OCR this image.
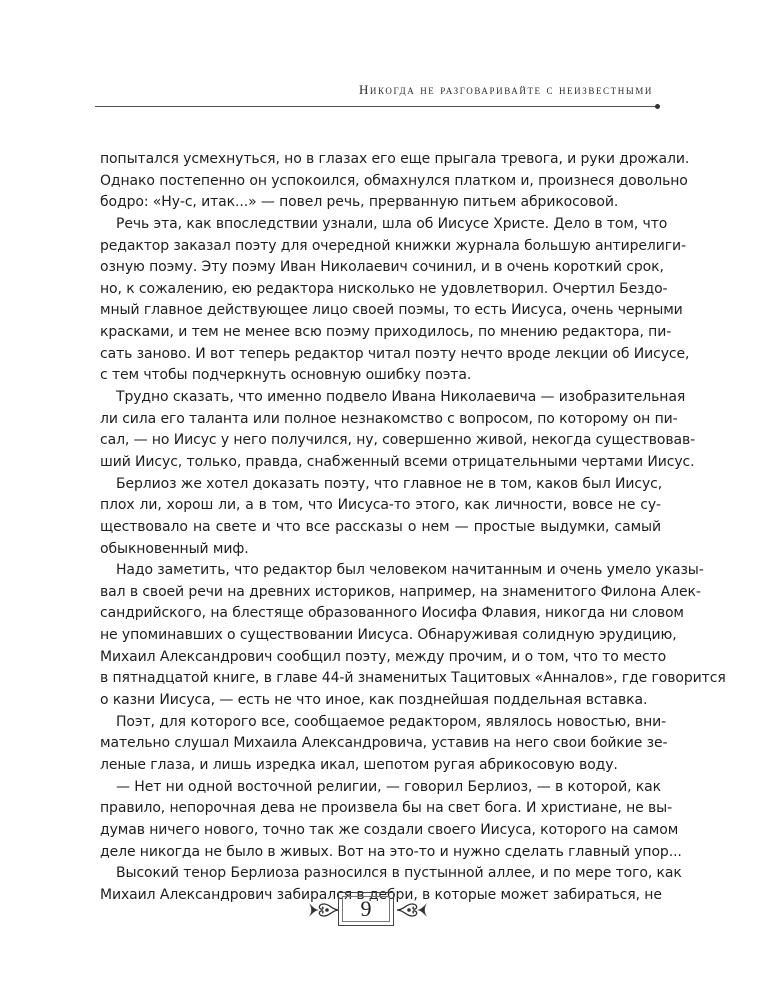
Никогда не разговаривайте с неизвестными
попытался усмехнуться, но в глазах его еще прыгала тревога, и руки дрожали.
Однако постепенно он успокоился, обмахнулся платком и, произнеся довольно
бодро: «Ну-с, итак...» — повел речь, прерванную питьем абрикосовой.
Речь эта, как впоследствии узнали, шла об Иисусе Христе. Дело в том, что
редактор заказал поэту для очередной книжки журнала большую антирелиги-
озную поэму. Эту поэму Иван Николаевич сочинил, и в очень короткий срок,
но, к сожалению, ею редактора нисколько не удовлетворил. Очертил Бездо-
мный главное действующее лицо своей поэмы, то есть Иисуса, очень черными
красками, и тем не менее всю поэму приходилось, по мнению редактора, пи-
сать заново. И вот теперь редактор читал поэту нечто вроде лекции об Иисусе,
с тем чтобы подчеркнуть основную ошибку поэта.
Трудно сказать, что именно подвело Ивана Николаевича — изобразительная
ли сила его таланта или полное незнакомство с вопросом, по которому он пи-
сал, — но Иисус у него получился, ну, совершенно живой, некогда существовав-
ший Иисус, только, правда, снабженный всеми отрицательными чертами Иисус.
Берлиоз же хотел доказать поэту, что главное не в том, каков был Иисус,
плох ли, хорош ли, а в том, что Иисуса-то этого, как личности, вовсе не су-
ществовало на свете и что все рассказы о нем — простые выдумки, самый
обыкновенный миф.
Надо заметить, что редактор был человеком начитанным и очень умело указы-
вал в своей речи на древних историков, например, на знаменитого Филона Алек-
сандрийского, на блестяще образованного Иосифа Флавия, никогда ни словом
не упоминавших о существовании Иисуса. Обнаруживая солидную эрудицию,
Михаил Александрович сообщил поэту, между прочим, и о том, что то место
в пятнадцатой книге, в главе 44-й знаменитых Тацитовых «Анналов», где говорится
о казни Иисуса, — есть не что иное, как позднейшая поддельная вставка.
Поэт, для которого все, сообщаемое редактором, являлось новостью, вни-
мательно слушал Михаила Александровича, уставив на него свои бойкие зе-
леные глаза, и лишь изредка икал, шепотом ругая абрикосовую воду.
— Нет ни одной восточной религии, — говорил Берлиоз, — в которой, как
правило, непорочная дева не произвела бы на свет бога. И христиане, не вы-
думав ничего нового, точно так же создали своего Иисуса, которого на самом
деле никогда не было в живых. Вот на это-то и нужно сделать главный упор...
Высокий тенор Берлиоза разносился в пустынной аллее, и по мере того, как
Михаил Александрович забирался в дебри, в которые может забираться, не
9
